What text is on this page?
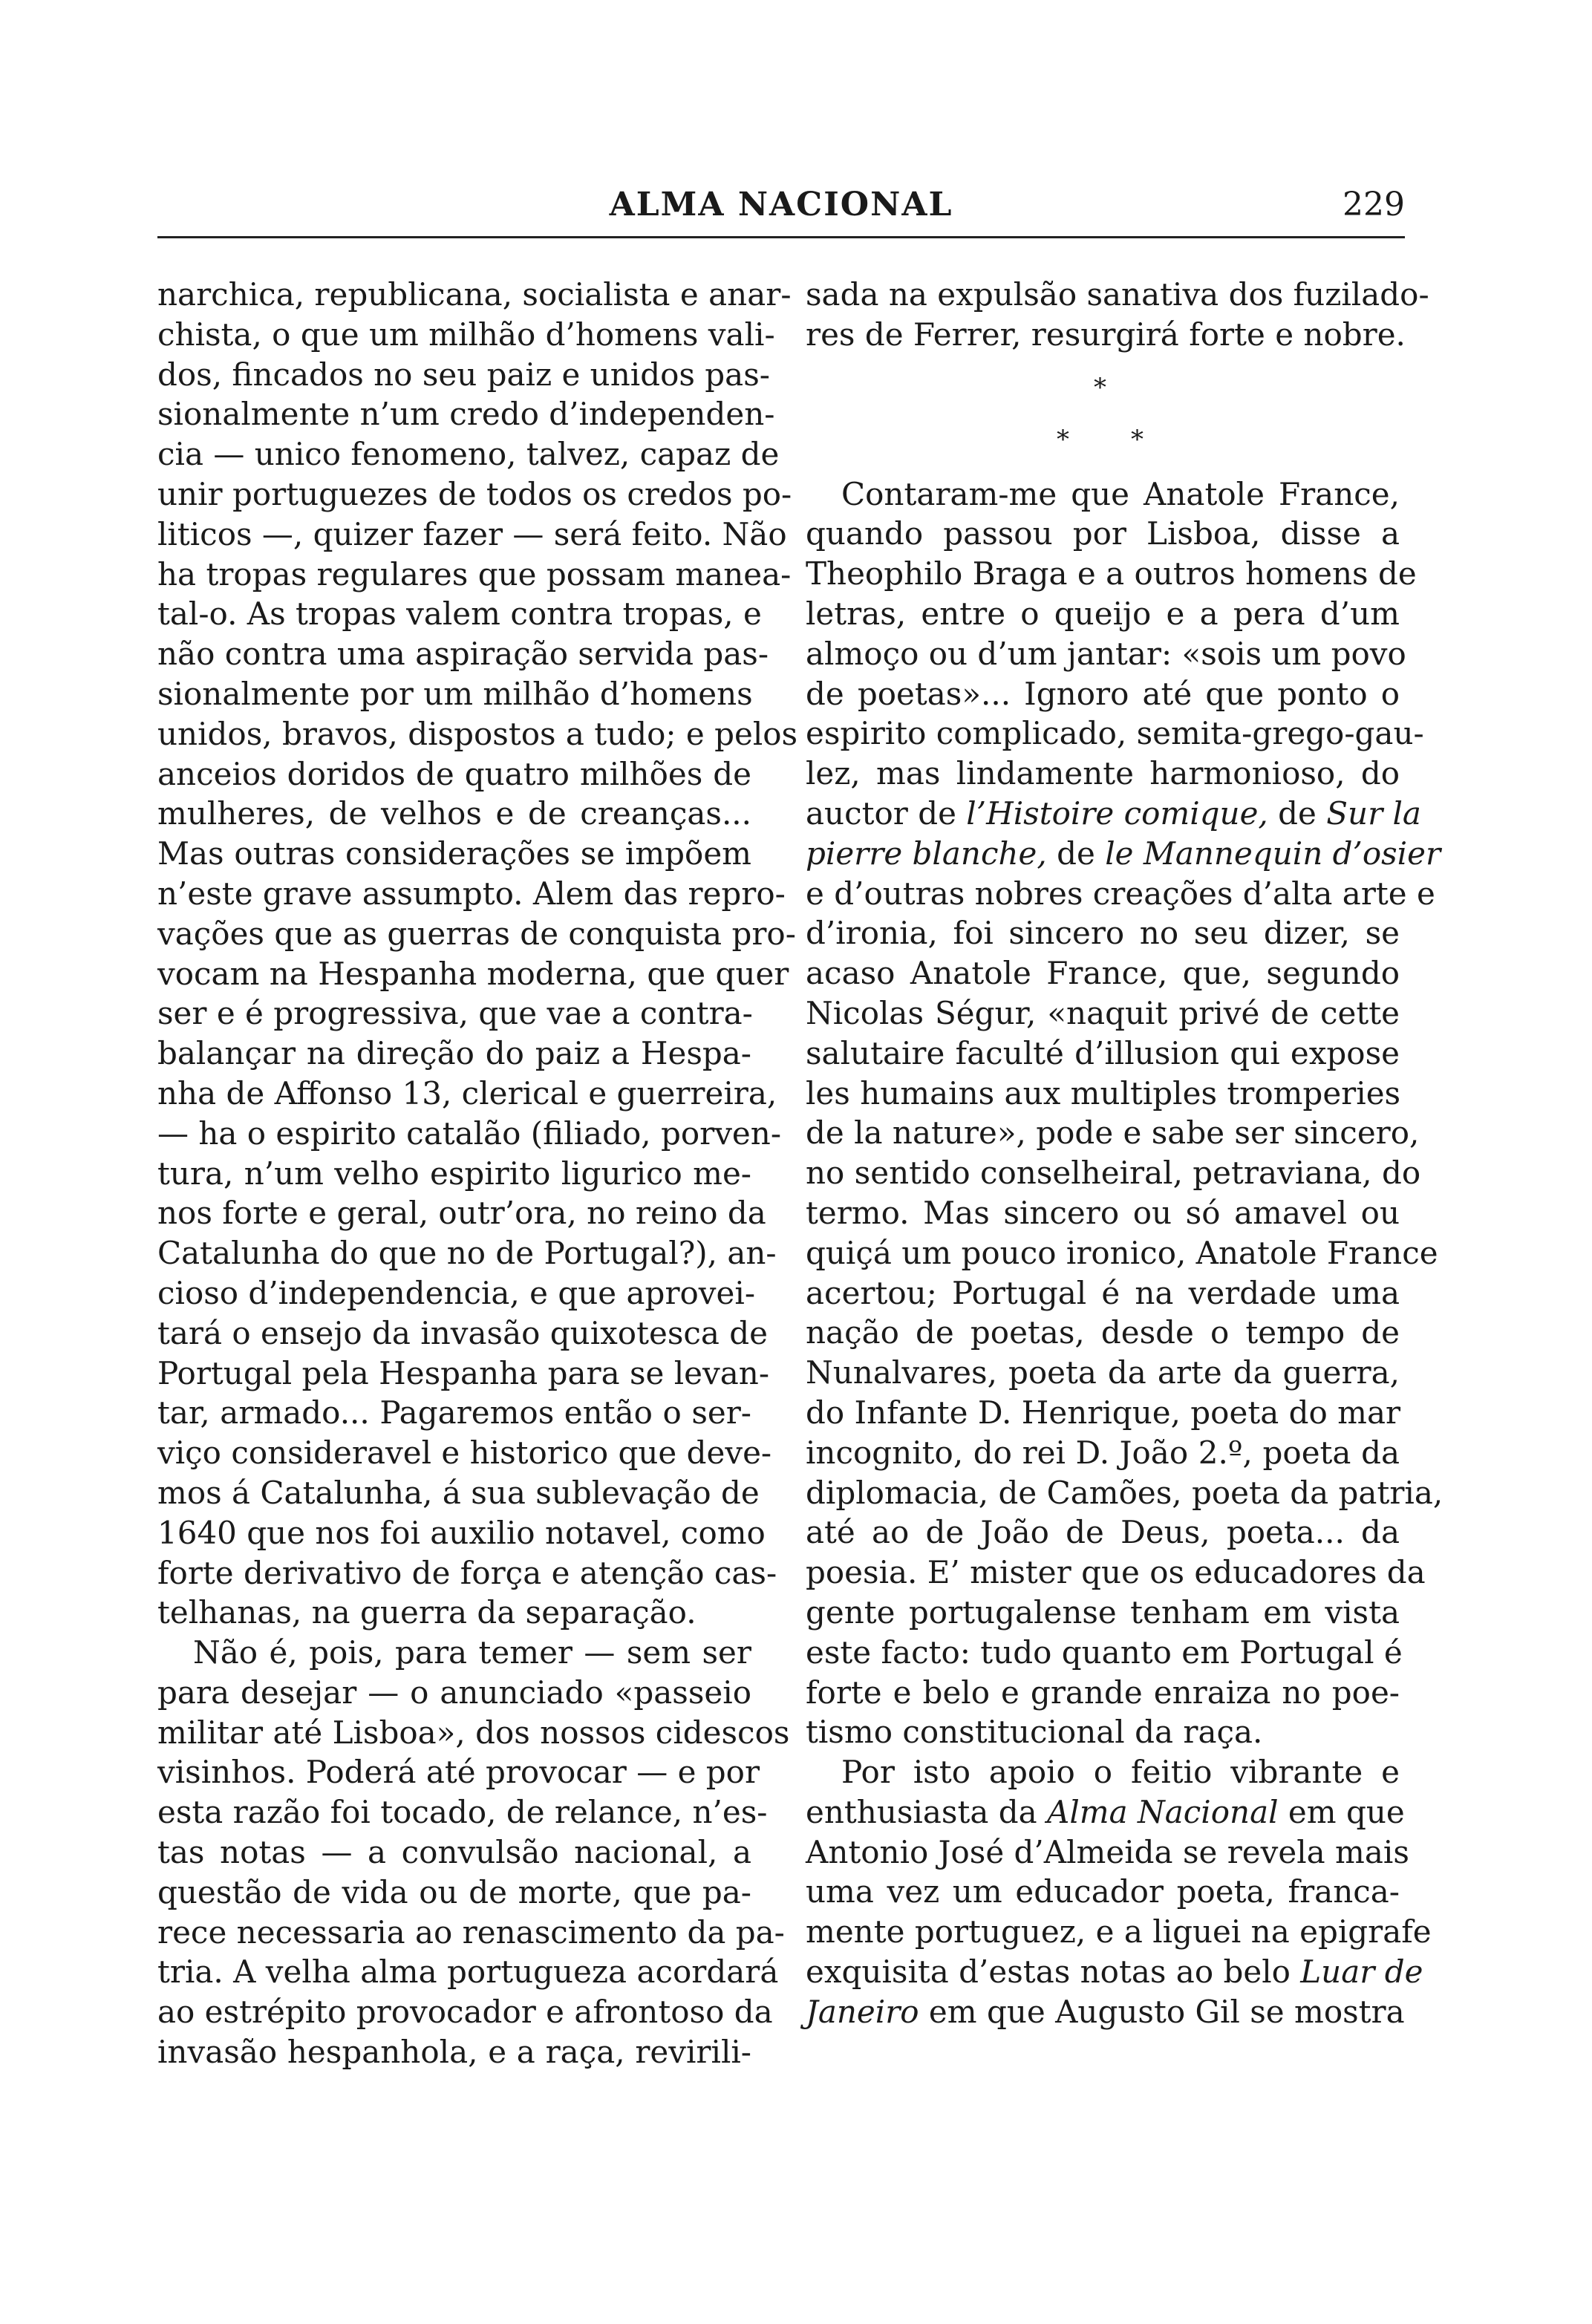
ALMA NACIONAL	229
narchica, republicana, socialista e anar-
chista, o que um milhão d’homens vali-
dos, fincados no seu paiz e unidos pas-
sionalmente n’um credo d’independen-
cia — unico fenomeno, talvez, capaz de
unir portuguezes de todos os credos po-
liticos —, quizer fazer — será feito. Não
ha tropas regulares que possam manea-
tal-o. As tropas valem contra tropas, e
não contra uma aspiração servida pas-
sionalmente por um milhão d’homens
unidos, bravos, dispostos a tudo; e pelos
anceios doridos de quatro milhões de
mulheres, de velhos e de creanças...
Mas outras considerações se impõem
n’este grave assumpto. Alem das repro-
vações que as guerras de conquista pro-
vocam na Hespanha moderna, que quer
ser e é progressiva, que vae a contra-
balançar na direção do paiz a Hespa-
nha de Affonso 13, clerical e guerreira,
— ha o espirito catalão (filiado, porven-
tura, n’um velho espirito ligurico me-
nos forte e geral, outr’ora, no reino da
Catalunha do que no de Portugal?), an-
cioso d’independencia, e que aprovei-
tará o ensejo da invasão quixotesca de
Portugal pela Hespanha para se levan-
tar, armado... Pagaremos então o ser-
viço consideravel e historico que deve-
mos á Catalunha, á sua sublevação de
1640 que nos foi auxilio notavel, como
forte derivativo de força e atenção cas-
telhanas, na guerra da separação.
Não é, pois, para temer — sem ser
para desejar — o anunciado «passeio
militar até Lisboa», dos nossos cidescos
visinhos. Poderá até provocar — e por
esta razão foi tocado, de relance, n’es-
tas notas — a convulsão nacional, a
questão de vida ou de morte, que pa-
rece necessaria ao renascimento da pa-
tria. A velha alma portugueza acordará
ao estrépito provocador e afrontoso da
invasão hespanhola, e a raça, revirili-
sada na expulsão sanativa dos fuzilado-
res de Ferrer, resurgirá forte e nobre.
*
* *
Contaram-me que Anatole France,
quando passou por Lisboa, disse a
Theophilo Braga e a outros homens de
letras, entre o queijo e a pera d’um
almoço ou d’um jantar: «sois um povo
de poetas»... Ignoro até que ponto o
espirito complicado, semita-grego-gau-
lez, mas lindamente harmonioso, do
auctor de l’Histoire comique, de Sur la
pierre blanche, de le Mannequin d’osier
e d’outras nobres creações d’alta arte e
d’ironia, foi sincero no seu dizer, se
acaso Anatole France, que, segundo
Nicolas Ségur, «naquit privé de cette
salutaire faculté d’illusion qui expose
les humains aux multiples tromperies
de la nature», pode e sabe ser sincero,
no sentido conselheiral, petraviana, do
termo. Mas sincero ou só amavel ou
quiçá um pouco ironico, Anatole France
acertou; Portugal é na verdade uma
nação de poetas, desde o tempo de
Nunalvares, poeta da arte da guerra,
do Infante D. Henrique, poeta do mar
incognito, do rei D. João 2.º, poeta da
diplomacia, de Camões, poeta da patria,
até ao de João de Deus, poeta... da
poesia. E’ mister que os educadores da
gente portugalense tenham em vista
este facto: tudo quanto em Portugal é
forte e belo e grande enraiza no poe-
tismo constitucional da raça.
Por isto apoio o feitio vibrante e
enthusiasta da Alma Nacional em que
Antonio José d’Almeida se revela mais
uma vez um educador poeta, franca-
mente portuguez, e a liguei na epigrafe
exquisita d’estas notas ao belo Luar de
Janeiro em que Augusto Gil se mostra
